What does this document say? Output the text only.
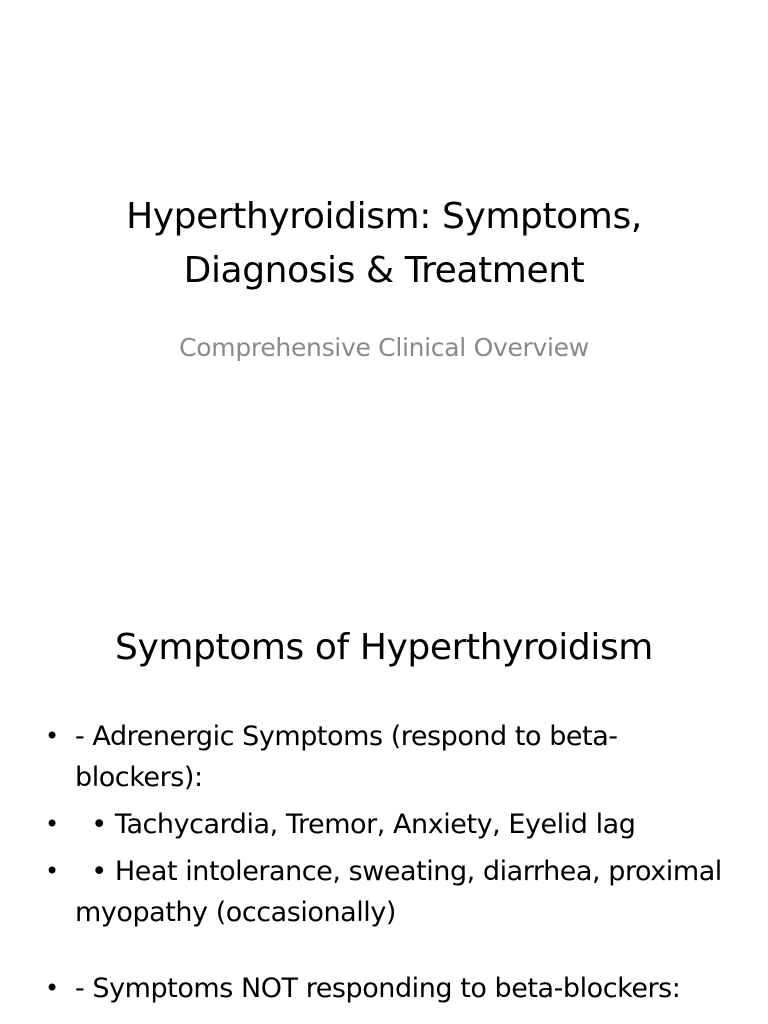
Hyperthyroidism: Symptoms,
Diagnosis & Treatment
Comprehensive Clinical Overview
Symptoms of Hyperthyroidism
• - Adrenergic Symptoms (respond to beta-blockers):
• • Tachycardia, Tremor, Anxiety, Eyelid lag
• • Heat intolerance, sweating, diarrhea, proximal myopathy (occasionally)
• - Symptoms NOT responding to beta-blockers:
